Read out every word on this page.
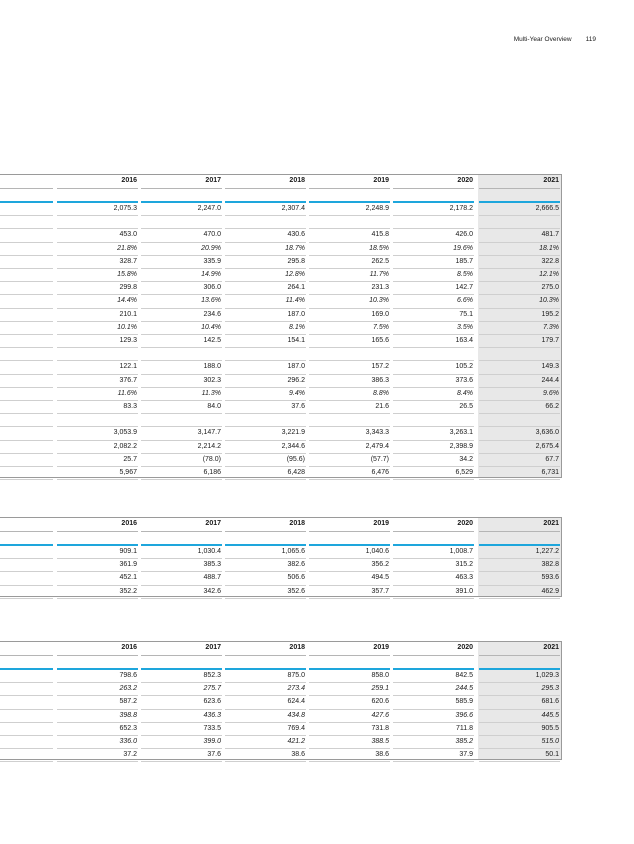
Multi-Year Overview 119
2016	2017	2018	2019	2020	2021
2,075.3	2,247.0	2,307.4	2,248.9	2,178.2	2,666.5
453.0	470.0	430.6	415.8	426.0	481.7
21.8%	20.9%	18.7%	18.5%	19.6%	18.1%
328.7	335.9	295.8	262.5	185.7	322.8
15.8%	14.9%	12.8%	11.7%	8.5%	12.1%
299.8	306.0	264.1	231.3	142.7	275.0
14.4%	13.6%	11.4%	10.3%	6.6%	10.3%
210.1	234.6	187.0	169.0	75.1	195.2
10.1%	10.4%	8.1%	7.5%	3.5%	7.3%
129.3	142.5	154.1	165.6	163.4	179.7
122.1	188.0	187.0	157.2	105.2	149.3
376.7	302.3	296.2	386.3	373.6	244.4
11.6%	11.3%	9.4%	8.8%	8.4%	9.6%
83.3	84.0	37.6	21.6	26.5	66.2
3,053.9	3,147.7	3,221.9	3,343.3	3,263.1	3,636.0
2,082.2	2,214.2	2,344.6	2,479.4	2,398.9	2,675.4
25.7	(78.0)	(95.6)	(57.7)	34.2	67.7
5,967	6,186	6,428	6,476	6,529	6,731
2016	2017	2018	2019	2020	2021
909.1	1,030.4	1,065.6	1,040.6	1,008.7	1,227.2
361.9	385.3	382.6	356.2	315.2	382.8
452.1	488.7	506.6	494.5	463.3	593.6
352.2	342.6	352.6	357.7	391.0	462.9
2016	2017	2018	2019	2020	2021
798.6	852.3	875.0	858.0	842.5	1,029.3
263.2	275.7	273.4	259.1	244.5	295.3
587.2	623.6	624.4	620.6	585.9	681.6
398.8	436.3	434.8	427.6	396.6	445.5
652.3	733.5	769.4	731.8	711.8	905.5
336.0	399.0	421.2	388.5	385.2	515.0
37.2	37.6	38.6	38.6	37.9	50.1
